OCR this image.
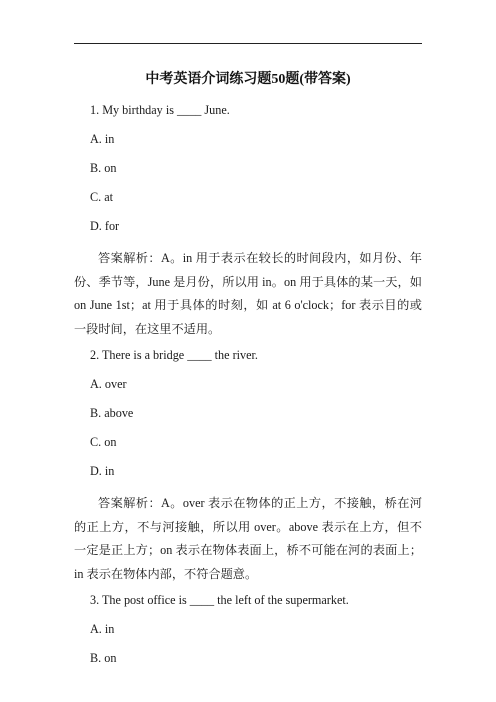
中考英语介词练习题50题(带答案)
1. My birthday is ____ June.
A. in
B. on
C. at
D. for
答案解析：A。in 用于表示在较长的时间段内，如月份、年份、季节等，June 是月份，所以用 in。on 用于具体的某一天，如 on June 1st；at 用于具体的时刻，如 at 6 o'clock；for 表示目的或一段时间，在这里不适用。
2. There is a bridge ____ the river.
A. over
B. above
C. on
D. in
答案解析：A。over 表示在物体的正上方，不接触，桥在河的正上方，不与河接触，所以用 over。above 表示在上方，但不一定是正上方；on 表示在物体表面上，桥不可能在河的表面上；in 表示在物体内部，不符合题意。
3. The post office is ____ the left of the supermarket.
A. in
B. on
